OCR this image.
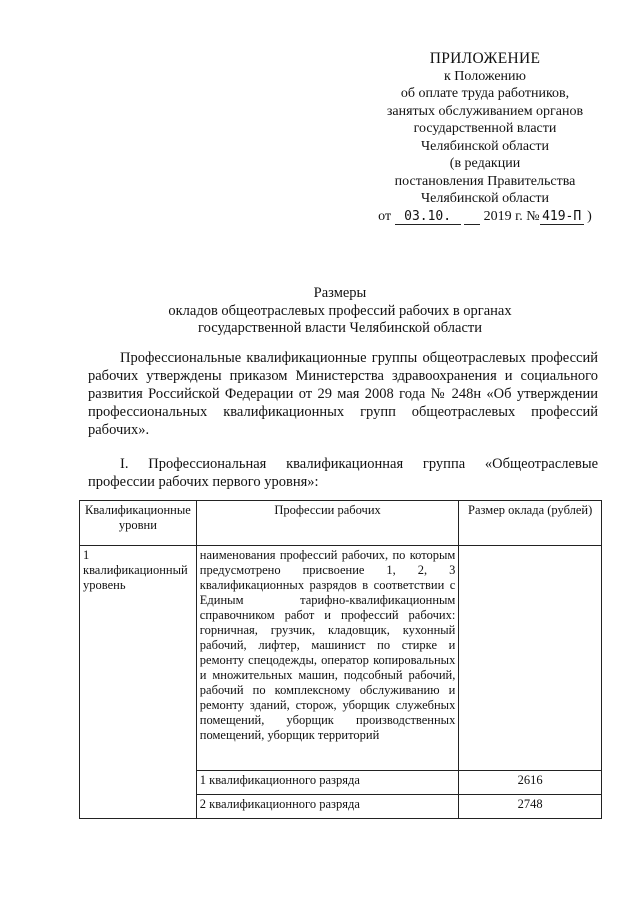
ПРИЛОЖЕНИЕ
к Положению
об оплате труда работников,
занятых обслуживанием органов
государственной власти
Челябинской области
(в редакции
постановления Правительства
Челябинской области
от 03.10. 2019 г. № 419-П )
Размеры
окладов общеотраслевых профессий рабочих в органах
государственной власти Челябинской области
Профессиональные квалификационные группы общеотраслевых профессий рабочих утверждены приказом Министерства здравоохранения и социального развития Российской Федерации от 29 мая 2008 года № 248н «Об утверждении профессиональных квалификационных групп общеотраслевых профессий рабочих».
I. Профессиональная квалификационная группа «Общеотраслевые профессии рабочих первого уровня»:
Квалификационные уровни	Профессии рабочих	Размер оклада (рублей)
1 квалификационный уровень	наименования профессий рабочих, по которым предусмотрено присвоение 1, 2, 3 квалификационных разрядов в соответствии с Единым тарифно-квалификационным справочником работ и профессий рабочих: горничная, грузчик, кладовщик, кухонный рабочий, лифтер, машинист по стирке и ремонту спецодежды, оператор копировальных и множительных машин, подсобный рабочий, рабочий по комплексному обслуживанию и ремонту зданий, сторож, уборщик служебных помещений, уборщик производственных помещений, уборщик территорий	
	1 квалификационного разряда	2616
	2 квалификационного разряда	2748
